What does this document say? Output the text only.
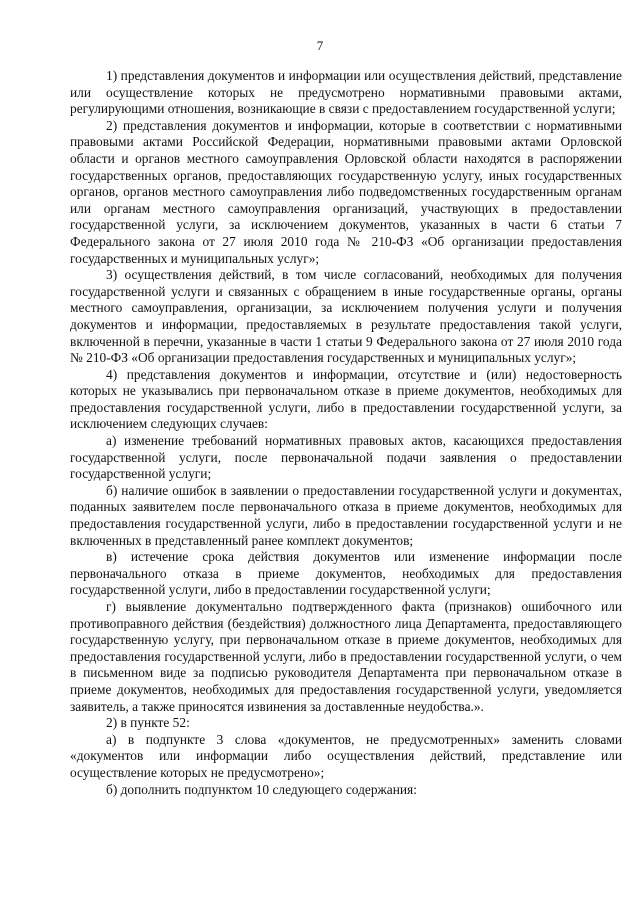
7

1) представления документов и информации или осуществления действий, представление или осуществление которых не предусмотрено нормативными правовыми актами, регулирующими отношения, возникающие в связи с предоставлением государственной услуги;

2) представления документов и информации, которые в соответствии с нормативными правовыми актами Российской Федерации, нормативными правовыми актами Орловской области и органов местного самоуправления Орловской области находятся в распоряжении государственных органов, предоставляющих государственную услугу, иных государственных органов, органов местного самоуправления либо подведомственных государственным органам или органам местного самоуправления организаций, участвующих в предоставлении государственной услуги, за исключением документов, указанных в части 6 статьи 7 Федерального закона от 27 июля 2010 года № 210-ФЗ «Об организации предоставления государственных и муниципальных услуг»;

3) осуществления действий, в том числе согласований, необходимых для получения государственной услуги и связанных с обращением в иные государственные органы, органы местного самоуправления, организации, за исключением получения услуги и получения документов и информации, предоставляемых в результате предоставления такой услуги, включенной в перечни, указанные в части 1 статьи 9 Федерального закона от 27 июля 2010 года № 210-ФЗ «Об организации предоставления государственных и муниципальных услуг»;

4) представления документов и информации, отсутствие и (или) недостоверность которых не указывались при первоначальном отказе в приеме документов, необходимых для предоставления государственной услуги, либо в предоставлении государственной услуги, за исключением следующих случаев:

а) изменение требований нормативных правовых актов, касающихся предоставления государственной услуги, после первоначальной подачи заявления о предоставлении государственной услуги;

б) наличие ошибок в заявлении о предоставлении государственной услуги и документах, поданных заявителем после первоначального отказа в приеме документов, необходимых для предоставления государственной услуги, либо в предоставлении государственной услуги и не включенных в представленный ранее комплект документов;

в) истечение срока действия документов или изменение информации после первоначального отказа в приеме документов, необходимых для предоставления государственной услуги, либо в предоставлении государственной услуги;

г) выявление документально подтвержденного факта (признаков) ошибочного или противоправного действия (бездействия) должностного лица Департамента, предоставляющего государственную услугу, при первоначальном отказе в приеме документов, необходимых для предоставления государственной услуги, либо в предоставлении государственной услуги, о чем в письменном виде за подписью руководителя Департамента при первоначальном отказе в приеме документов, необходимых для предоставления государственной услуги, уведомляется заявитель, а также приносятся извинения за доставленные неудобства.».

2) в пункте 52:

а) в подпункте 3 слова «документов, не предусмотренных» заменить словами «документов или информации либо осуществления действий, представление или осуществление которых не предусмотрено»;

б) дополнить подпунктом 10 следующего содержания:
